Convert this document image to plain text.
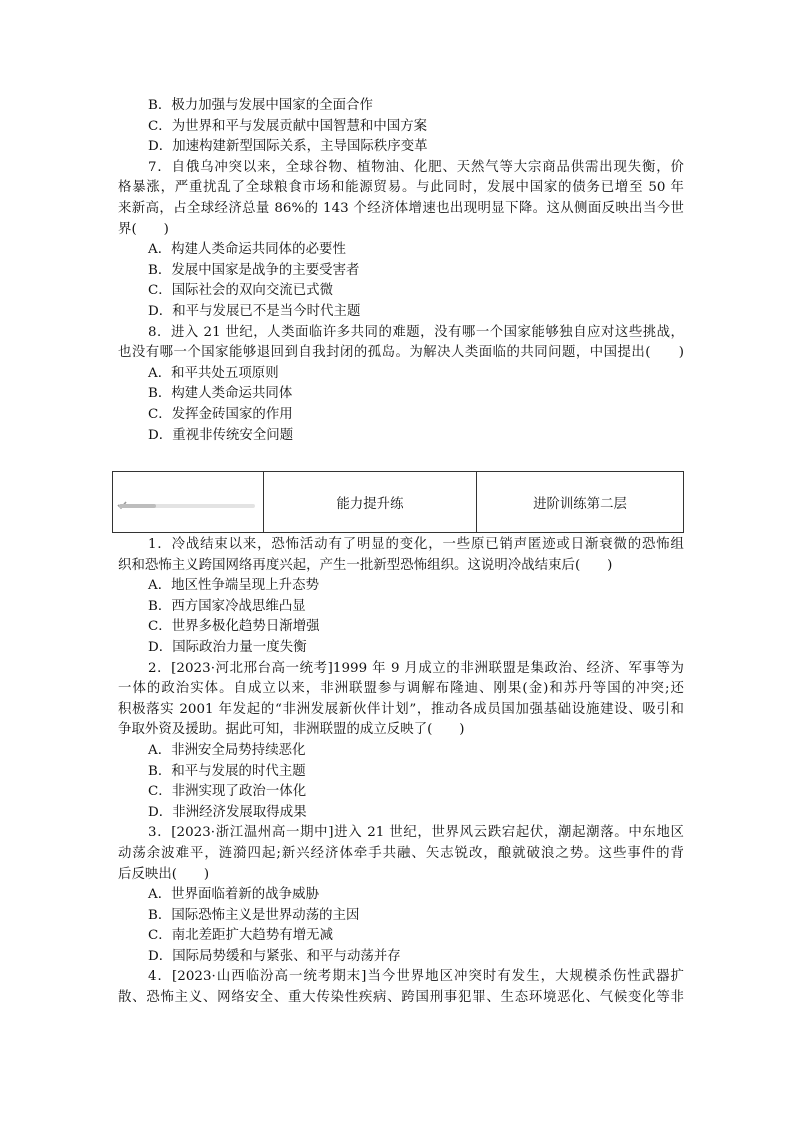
B．极力加强与发展中国家的全面合作
C．为世界和平与发展贡献中国智慧和中国方案
D．加速构建新型国际关系，主导国际秩序变革
7．自俄乌冲突以来，全球谷物、植物油、化肥、天然气等大宗商品供需出现失衡，价
格暴涨，严重扰乱了全球粮食市场和能源贸易。与此同时，发展中国家的债务已增至 50 年
来新高，占全球经济总量 86%的 143 个经济体增速也出现明显下降。这从侧面反映出当今世
界(　　)
A．构建人类命运共同体的必要性
B．发展中国家是战争的主要受害者
C．国际社会的双向交流已式微
D．和平与发展已不是当今时代主题
8．进入 21 世纪，人类面临许多共同的难题，没有哪一个国家能够独自应对这些挑战，
也没有哪一个国家能够退回到自我封闭的孤岛。为解决人类面临的共同问题，中国提出(　　)
A．和平共处五项原则
B．构建人类命运共同体
C．发挥金砖国家的作用
D．重视非传统安全问题
能力提升练	进阶训练第二层
1．冷战结束以来，恐怖活动有了明显的变化，一些原已销声匿迹或日渐衰微的恐怖组
织和恐怖主义跨国网络再度兴起，产生一批新型恐怖组织。这说明冷战结束后(　　)
A．地区性争端呈现上升态势
B．西方国家冷战思维凸显
C．世界多极化趋势日渐增强
D．国际政治力量一度失衡
2．[2023·河北邢台高一统考]1999 年 9 月成立的非洲联盟是集政治、经济、军事等为
一体的政治实体。自成立以来，非洲联盟参与调解布隆迪、刚果(金)和苏丹等国的冲突;还
积极落实 2001 年发起的“非洲发展新伙伴计划”，推动各成员国加强基础设施建设、吸引和
争取外资及援助。据此可知，非洲联盟的成立反映了(　　)
A．非洲安全局势持续恶化
B．和平与发展的时代主题
C．非洲实现了政治一体化
D．非洲经济发展取得成果
3．[2023·浙江温州高一期中]进入 21 世纪，世界风云跌宕起伏，潮起潮落。中东地区
动荡余波难平，涟漪四起;新兴经济体牵手共融、矢志锐改，酿就破浪之势。这些事件的背
后反映出(　　)
A．世界面临着新的战争威胁
B．国际恐怖主义是世界动荡的主因
C．南北差距扩大趋势有增无减
D．国际局势缓和与紧张、和平与动荡并存
4．[2023·山西临汾高一统考期末]当今世界地区冲突时有发生，大规模杀伤性武器扩
散、恐怖主义、网络安全、重大传染性疾病、跨国刑事犯罪、生态环境恶化、气候变化等非
